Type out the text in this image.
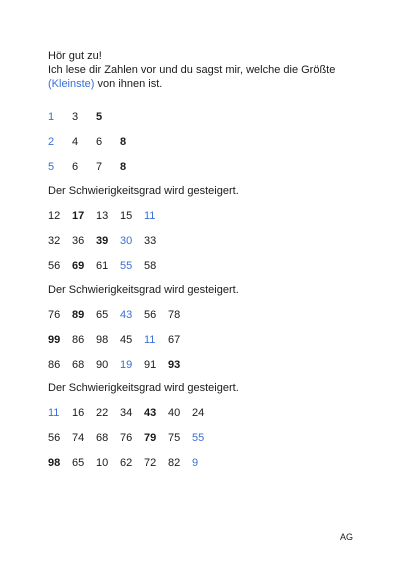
Hör gut zu!
Ich lese dir Zahlen vor und du sagst mir, welche die Größte
(Kleinste) von ihnen ist.
1 3 5
2 4 6 8
5 6 7 8
Der Schwierigkeitsgrad wird gesteigert.
12 17 13 15 11
32 36 39 30 33
56 69 61 55 58
Der Schwierigkeitsgrad wird gesteigert.
76 89 65 43 56 78
99 86 98 45 11 67
86 68 90 19 91 93
Der Schwierigkeitsgrad wird gesteigert.
11 16 22 34 43 40 24
56 74 68 76 79 75 55
98 65 10 62 72 82 9
AG
